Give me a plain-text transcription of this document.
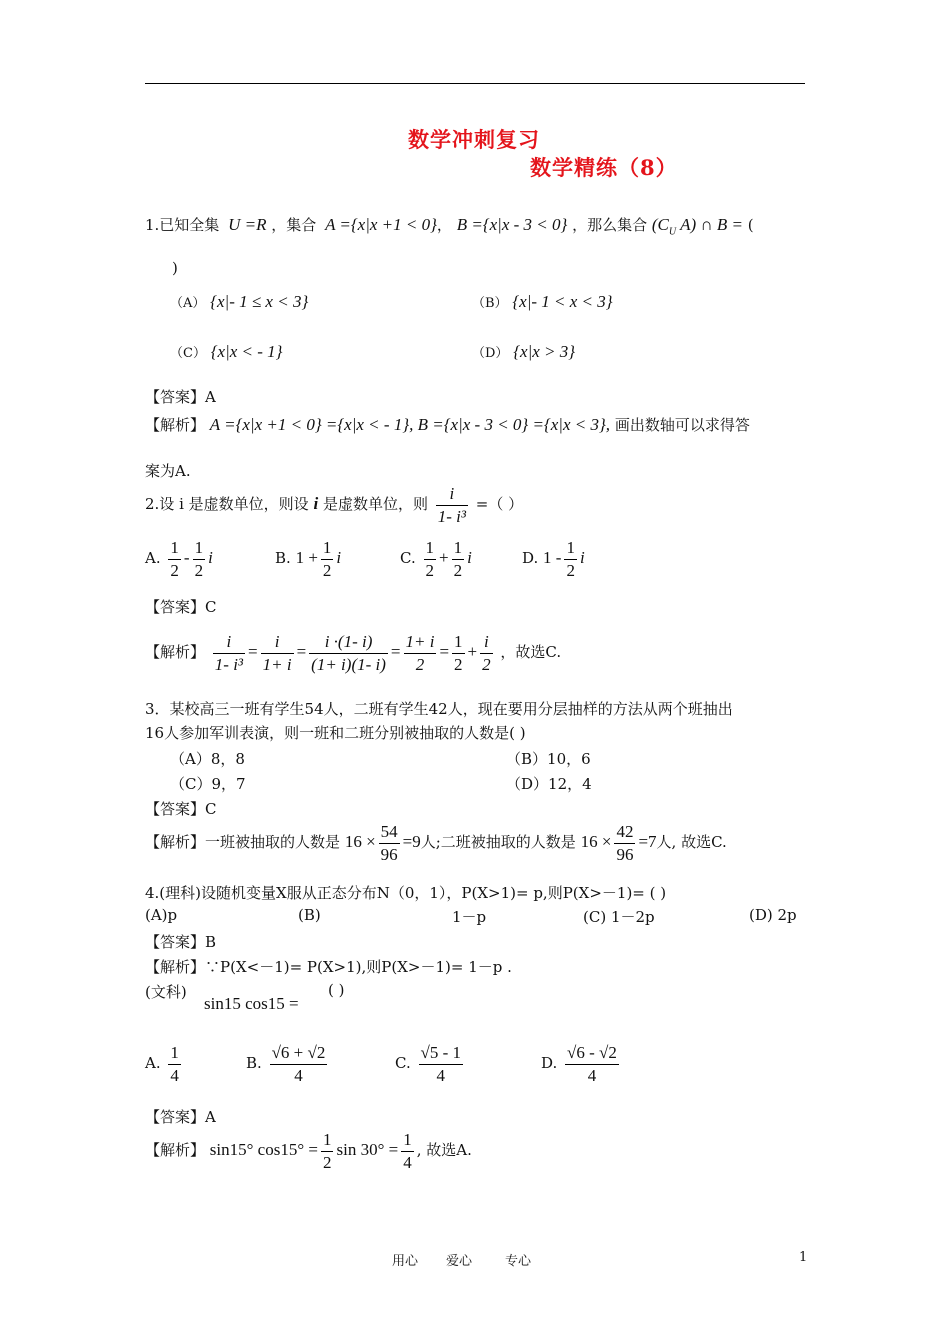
数学冲刺复习
数学精练（8）
1.已知全集 U =R ，集合 A ={x|x +1 < 0}， B ={x|x - 3 < 0} ，那么集合 ($C_U$ A) ∩ B = (
)
（A） {x|- 1 ≤ x < 3}	（B） {x|- 1 < x < 3}
（C） {x|x < - 1}	（D） {x|x > 3}
【答案】A
【解析】 A ={x|x +1 < 0} ={x|x < - 1}, B ={x|x - 3 < 0} ={x|x < 3}, 画出数轴可以求得答
案为A.
2.设 i 是虚数单位，则设 i 是虚数单位，则 $\frac{i}{\text{1- i³}}$ =（ ）
A. $\frac{1}{2} - \frac{1}{2}$ i	B. $1 + \frac{1}{2}$ i	C. $\frac{1}{2} + \frac{1}{2}$ i	D. $1 - \frac{1}{2}$ i
【答案】C
【解析】 $\frac{i}{\text{1- i³}} = \frac{i}{1+ i} = \frac{i \cdot(1- i)}{(1+ i)(1- i)} = \frac{1+ i}{2} = \frac{1}{2} + \frac{i}{2}$ ，故选C.
3．某校高三一班有学生54人，二班有学生42人，现在要用分层抽样的方法从两个班抽出
16人参加军训表演，则一班和二班分别被抽取的人数是( )
（A）8，8	（B）10，6
（C）9，7	（D）12，4
【答案】C
【解析】一班被抽取的人数是 $16 \times \frac{54}{96} =9$人;二班被抽取的人数是 $16 \times \frac{42}{96} =7$人, 故选C.
4.(理科)设随机变量X服从正态分布N（0，1），P(X>1)= p,则P(X>－1)= ( )
(A)p	(B)	1－p	(C) 1－2p	(D) 2p
【答案】B
【解析】∵P(X<－1)= P(X>1),则P(X>－1)= 1－p .
(文科)	( )
sin15 cos15 =
A. $\frac{1}{4}$	B. $\frac{√6 + √2}{4}$	C. $\frac{√5 - 1}{4}$	D. $\frac{√6 - √2}{4}$
【答案】A
【解析】 sin15° $\cos 15^\circ = \frac{1}{2}$ $\sin 30^\circ = \frac{1}{4}$ , 故选A.
用心 爱心	专心	1
